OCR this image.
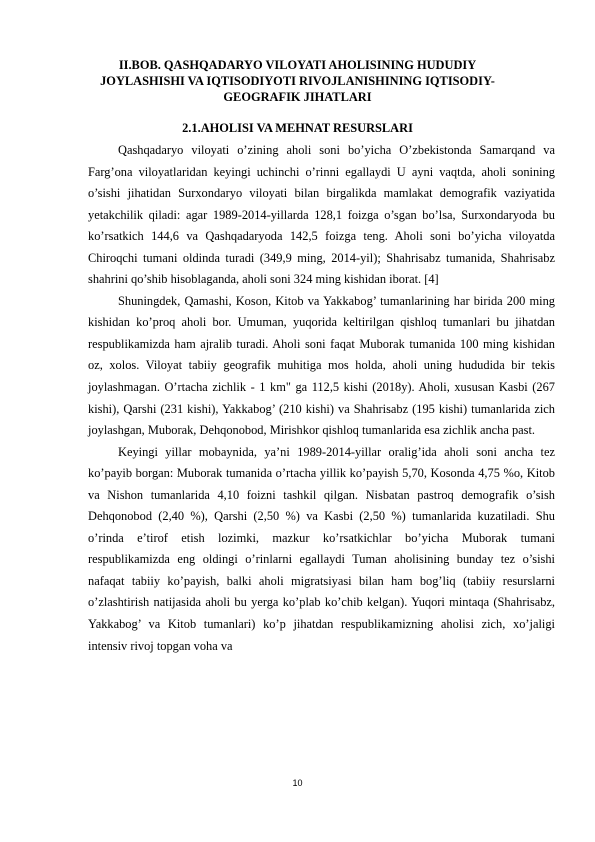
II.BOB. QASHQADARYO VILOYATI AHOLISINING HUDUDIY
JOYLASHISHI VA IQTISODIYOTI RIVOJLANISHINING IQTISODIY-
GEOGRAFIK JIHATLARI
2.1.AHOLISI VA MEHNAT RESURSLARI

Qashqadaryo viloyati o’zining aholi soni bo’yicha O’zbekistonda Samarqand va Farg’ona viloyatlaridan keyingi uchinchi o’rinni egallaydi U ayni vaqtda, aholi sonining o’sishi jihatidan Surxondaryo viloyati bilan birgalikda mamlakat demografik vaziyatida yetakchilik qiladi: agar 1989-2014-yillarda 128,1 foizga o’sgan bo’lsa, Surxondaryoda bu ko’rsatkich 144,6 va Qashqadaryoda 142,5 foizga teng. Aholi soni bo’yicha viloyatda Chiroqchi tumani oldinda turadi (349,9 ming, 2014-yil); Shahrisabz tumanida, Shahrisabz shahrini qo’shib hisoblaganda, aholi soni 324 ming kishidan iborat. [4]

Shuningdek, Qamashi, Koson, Kitob va Yakkabog’ tumanlarining har birida 200 ming kishidan ko’proq aholi bor. Umuman, yuqorida keltirilgan qishloq tumanlari bu jihatdan respublikamizda ham ajralib turadi. Aholi soni faqat Muborak tumanida 100 ming kishidan oz, xolos. Viloyat tabiiy geografik muhitiga mos holda, aholi uning hududida bir tekis joylashmagan. O’rtacha zichlik - 1 km" ga 112,5 kishi (2018y). Aholi, xususan Kasbi (267 kishi), Qarshi (231 kishi), Yakkabog’ (210 kishi) va Shahrisabz (195 kishi) tumanlarida zich joylashgan, Muborak, Dehqonobod, Mirishkor qishloq tumanlarida esa zichlik ancha past.

Keyingi yillar mobaynida, ya’ni 1989-2014-yillar oralig’ida aholi soni ancha tez ko’payib borgan: Muborak tumanida o’rtacha yillik ko’payish 5,70, Kosonda 4,75 %o, Kitob va Nishon tumanlarida 4,10 foizni tashkil qilgan. Nisbatan pastroq demografik o’sish Dehqonobod (2,40 %), Qarshi (2,50 %) va Kasbi (2,50 %) tumanlarida kuzatiladi. Shu o’rinda e’tirof etish lozimki, mazkur ko’rsatkichlar bo’yicha Muborak tumani respublikamizda eng oldingi o’rinlarni egallaydi Tuman aholisining bunday tez o’sishi nafaqat tabiiy ko’payish, balki aholi migratsiyasi bilan ham bog’liq (tabiiy resurslarni o’zlashtirish natijasida aholi bu yerga ko’plab ko’chib kelgan). Yuqori mintaqa (Shahrisabz, Yakkabog’ va Kitob tumanlari) ko’p jihatdan respublikamizning aholisi zich, xo’jaligi intensiv rivoj topgan voha va

10
